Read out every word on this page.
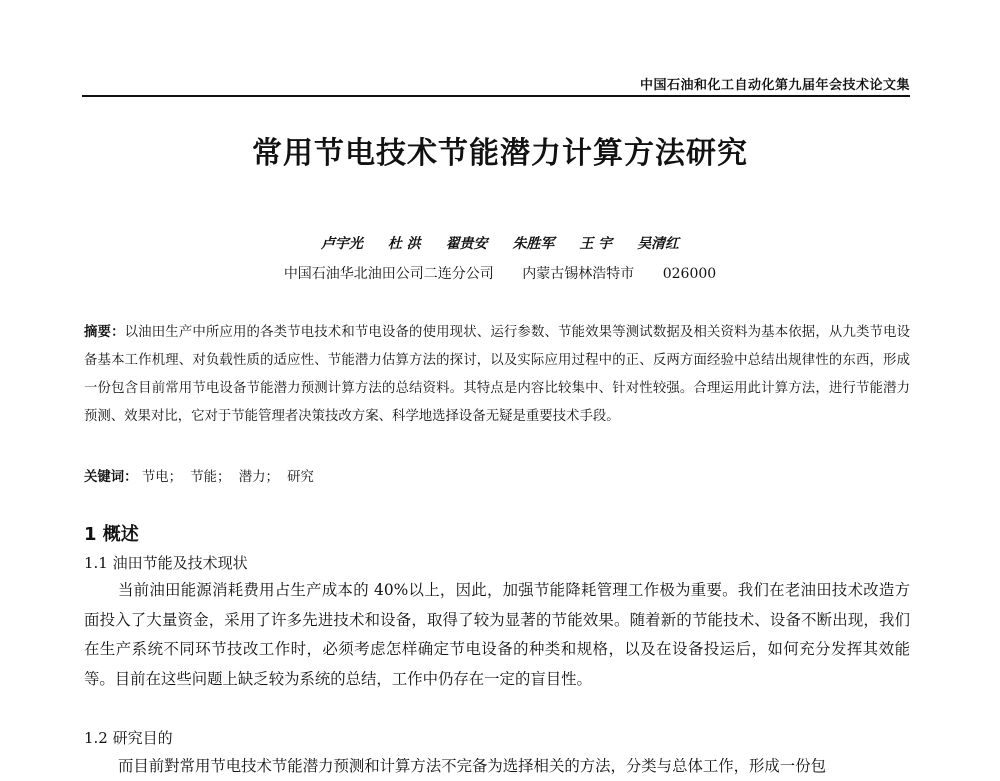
中国石油和化工自动化第九届年会技术论文集
常用节电技术节能潜力计算方法研究
卢宇光 杜 洪 翟贵安 朱胜军 王 宇 吴清红
中国石油华北油田公司二连分公司 内蒙古锡林浩特市 026000
摘要：以油田生产中所应用的各类节电技术和节电设备的使用现状、运行参数、节能效果等测试数据及相关资料为基本依据，从九类节电设备基本工作机理、对负载性质的适应性、节能潜力估算方法的探讨，以及实际应用过程中的正、反两方面经验中总结出规律性的东西，形成一份包含目前常用节电设备节能潜力预测计算方法的总结资料。其特点是内容比较集中、针对性较强。合理运用此计算方法，进行节能潜力预测、效果对比，它对于节能管理者决策技改方案、科学地选择设备无疑是重要技术手段。
关键词： 节电； 节能； 潜力； 研究
1 概述
1.1 油田节能及技术现状
当前油田能源消耗费用占生产成本的 40%以上，因此，加强节能降耗管理工作极为重要。我们在老油田技术改造方面投入了大量资金，采用了许多先进技术和设备，取得了较为显著的节能效果。随着新的节能技术、设备不断出现，我们在生产系统不同环节技改工作时，必须考虑怎样确定节电设备的种类和规格，以及在设备投运后，如何充分发挥其效能等。目前在这些问题上缺乏较为系统的总结，工作中仍存在一定的盲目性。
1.2 研究目的
而目前對常用节电技术节能潜力预测和计算方法不完备为选择相关的方法，分类与总体工作，形成一份包
